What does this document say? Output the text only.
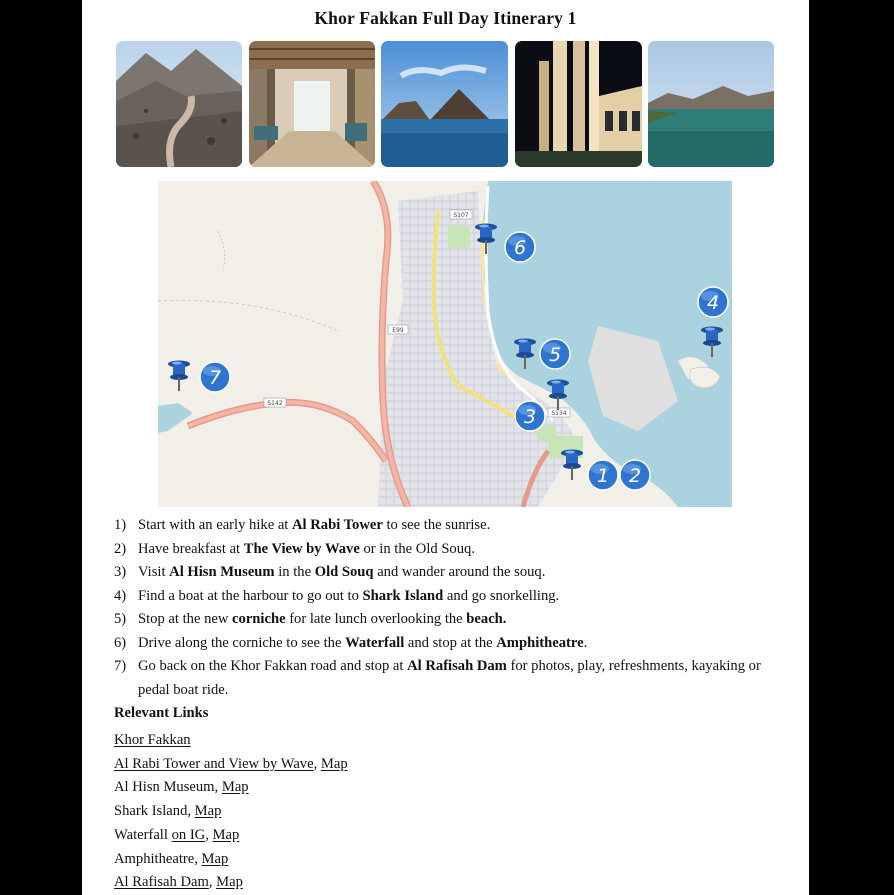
Khor Fakkan Full Day Itinerary 1
S107
E99
S142
S134
6
4
5
3
1 2
7
1) Start with an early hike at Al Rabi Tower to see the sunrise.
2) Have breakfast at The View by Wave or in the Old Souq.
3) Visit Al Hisn Museum in the Old Souq and wander around the souq.
4) Find a boat at the harbour to go out to Shark Island and go snorkelling.
5) Stop at the new corniche for late lunch overlooking the beach.
6) Drive along the corniche to see the Waterfall and stop at the Amphitheatre.
7) Go back on the Khor Fakkan road and stop at Al Rafisah Dam for photos, play, refreshments, kayaking or pedal boat ride.
Relevant Links
Khor Fakkan
Al Rabi Tower and View by Wave, Map
Al Hisn Museum, Map
Shark Island, Map
Waterfall on IG, Map
Amphitheatre, Map
Al Rafisah Dam, Map
